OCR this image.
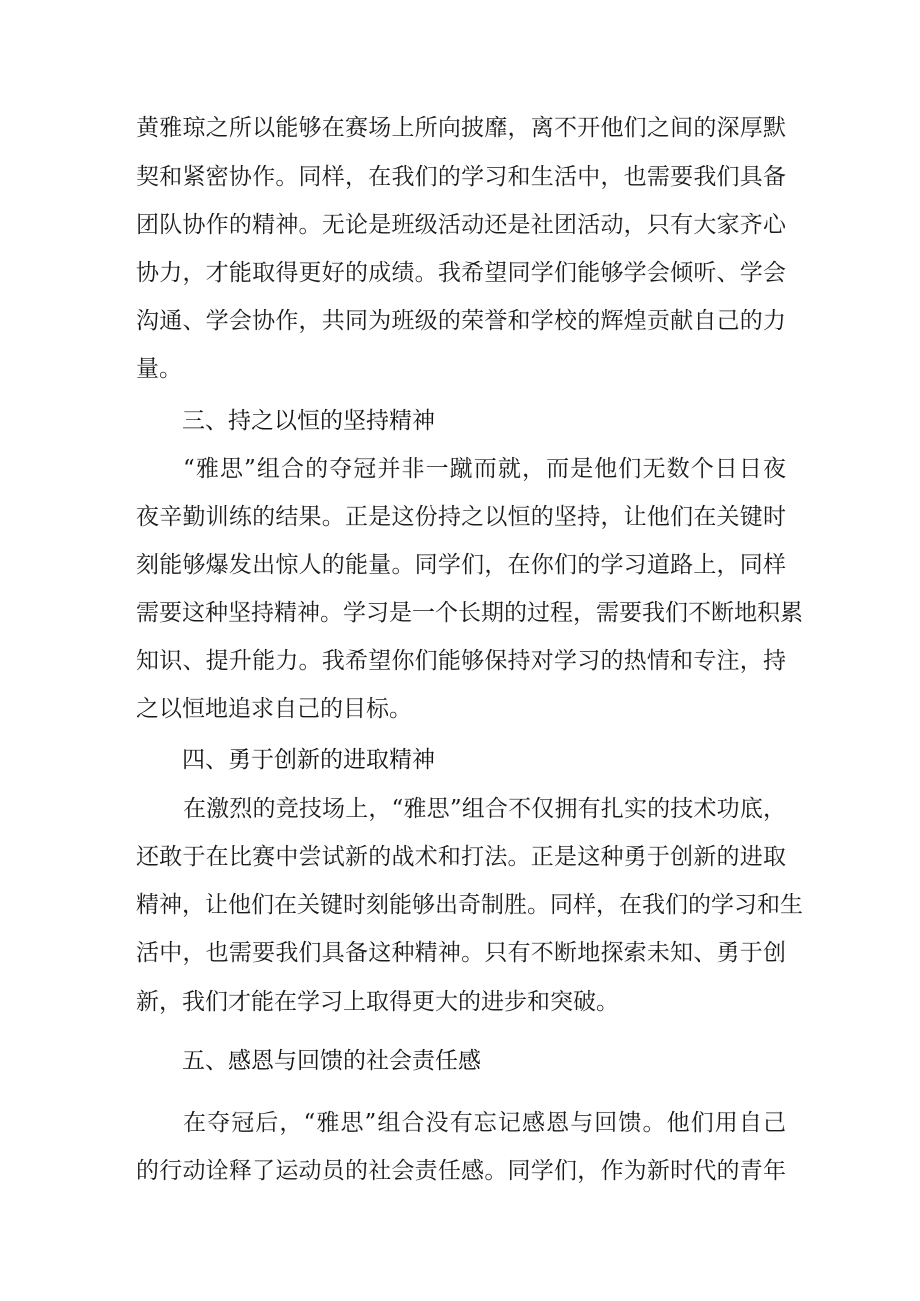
黄雅琼之所以能够在赛场上所向披靡，离不开他们之间的深厚默
契和紧密协作。同样，在我们的学习和生活中，也需要我们具备
团队协作的精神。无论是班级活动还是社团活动，只有大家齐心
协力，才能取得更好的成绩。我希望同学们能够学会倾听、学会
沟通、学会协作，共同为班级的荣誉和学校的辉煌贡献自己的力
量。
三、持之以恒的坚持精神
“雅思”组合的夺冠并非一蹴而就，而是他们无数个日日夜
夜辛勤训练的结果。正是这份持之以恒的坚持，让他们在关键时
刻能够爆发出惊人的能量。同学们，在你们的学习道路上，同样
需要这种坚持精神。学习是一个长期的过程，需要我们不断地积累
知识、提升能力。我希望你们能够保持对学习的热情和专注，持
之以恒地追求自己的目标。
四、勇于创新的进取精神
在激烈的竞技场上，“雅思”组合不仅拥有扎实的技术功底，
还敢于在比赛中尝试新的战术和打法。正是这种勇于创新的进取
精神，让他们在关键时刻能够出奇制胜。同样，在我们的学习和生
活中，也需要我们具备这种精神。只有不断地探索未知、勇于创
新，我们才能在学习上取得更大的进步和突破。
五、感恩与回馈的社会责任感
在夺冠后，“雅思”组合没有忘记感恩与回馈。他们用自己
的行动诠释了运动员的社会责任感。同学们，作为新时代的青年
